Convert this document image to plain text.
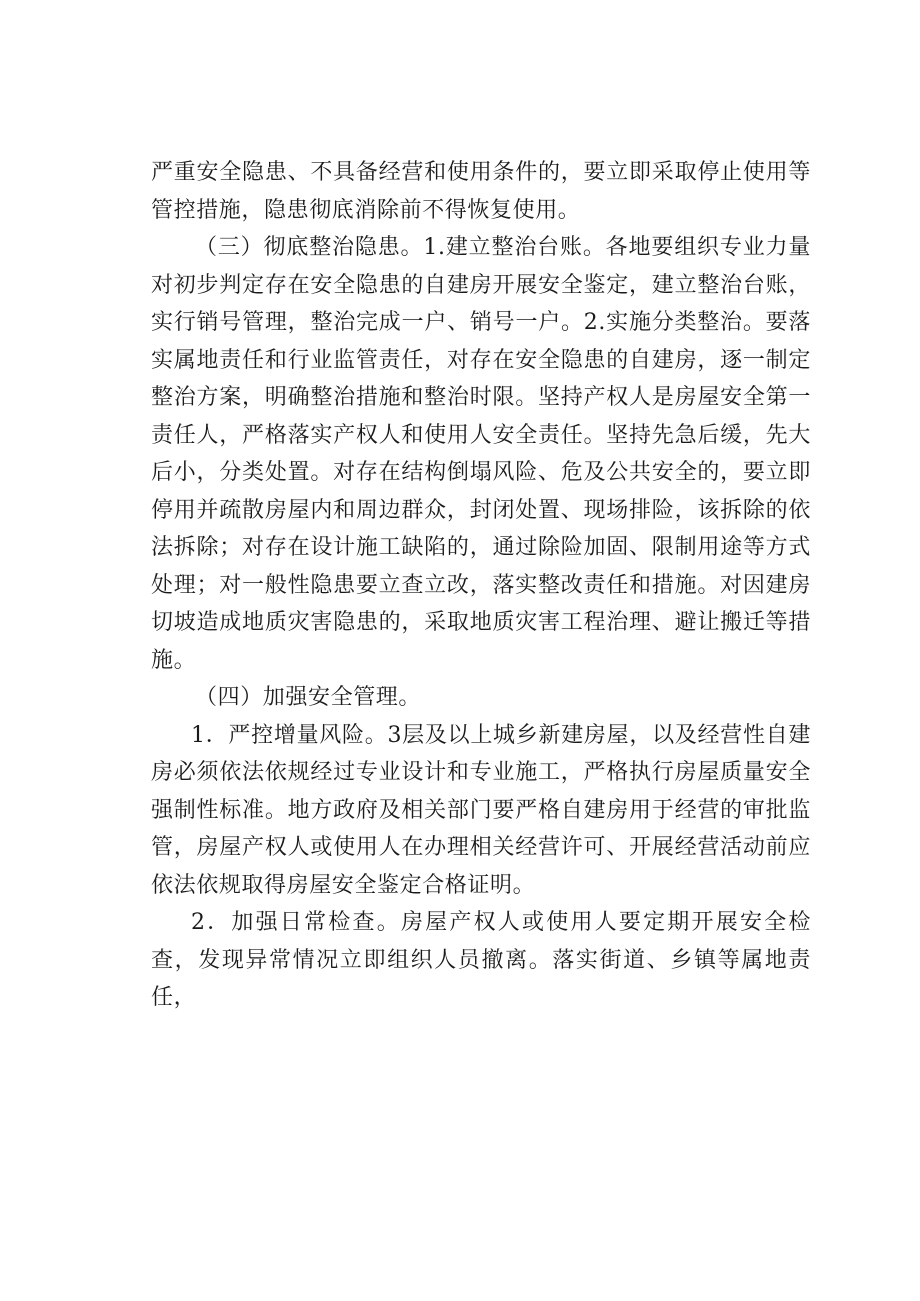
严重安全隐患、不具备经营和使用条件的，要立即采取停止使用等管控措施，隐患彻底消除前不得恢复使用。

（三）彻底整治隐患。1.建立整治台账。各地要组织专业力量对初步判定存在安全隐患的自建房开展安全鉴定，建立整治台账，实行销号管理，整治完成一户、销号一户。2.实施分类整治。要落实属地责任和行业监管责任，对存在安全隐患的自建房，逐一制定整治方案，明确整治措施和整治时限。坚持产权人是房屋安全第一责任人，严格落实产权人和使用人安全责任。坚持先急后缓，先大后小，分类处置。对存在结构倒塌风险、危及公共安全的，要立即停用并疏散房屋内和周边群众，封闭处置、现场排险，该拆除的依法拆除；对存在设计施工缺陷的，通过除险加固、限制用途等方式处理；对一般性隐患要立查立改，落实整改责任和措施。对因建房切坡造成地质灾害隐患的，采取地质灾害工程治理、避让搬迁等措施。

（四）加强安全管理。

1．严控增量风险。3层及以上城乡新建房屋，以及经营性自建房必须依法依规经过专业设计和专业施工，严格执行房屋质量安全强制性标准。地方政府及相关部门要严格自建房用于经营的审批监管，房屋产权人或使用人在办理相关经营许可、开展经营活动前应依法依规取得房屋安全鉴定合格证明。

2．加强日常检查。房屋产权人或使用人要定期开展安全检查，发现异常情况立即组织人员撤离。落实街道、乡镇等属地责任，
